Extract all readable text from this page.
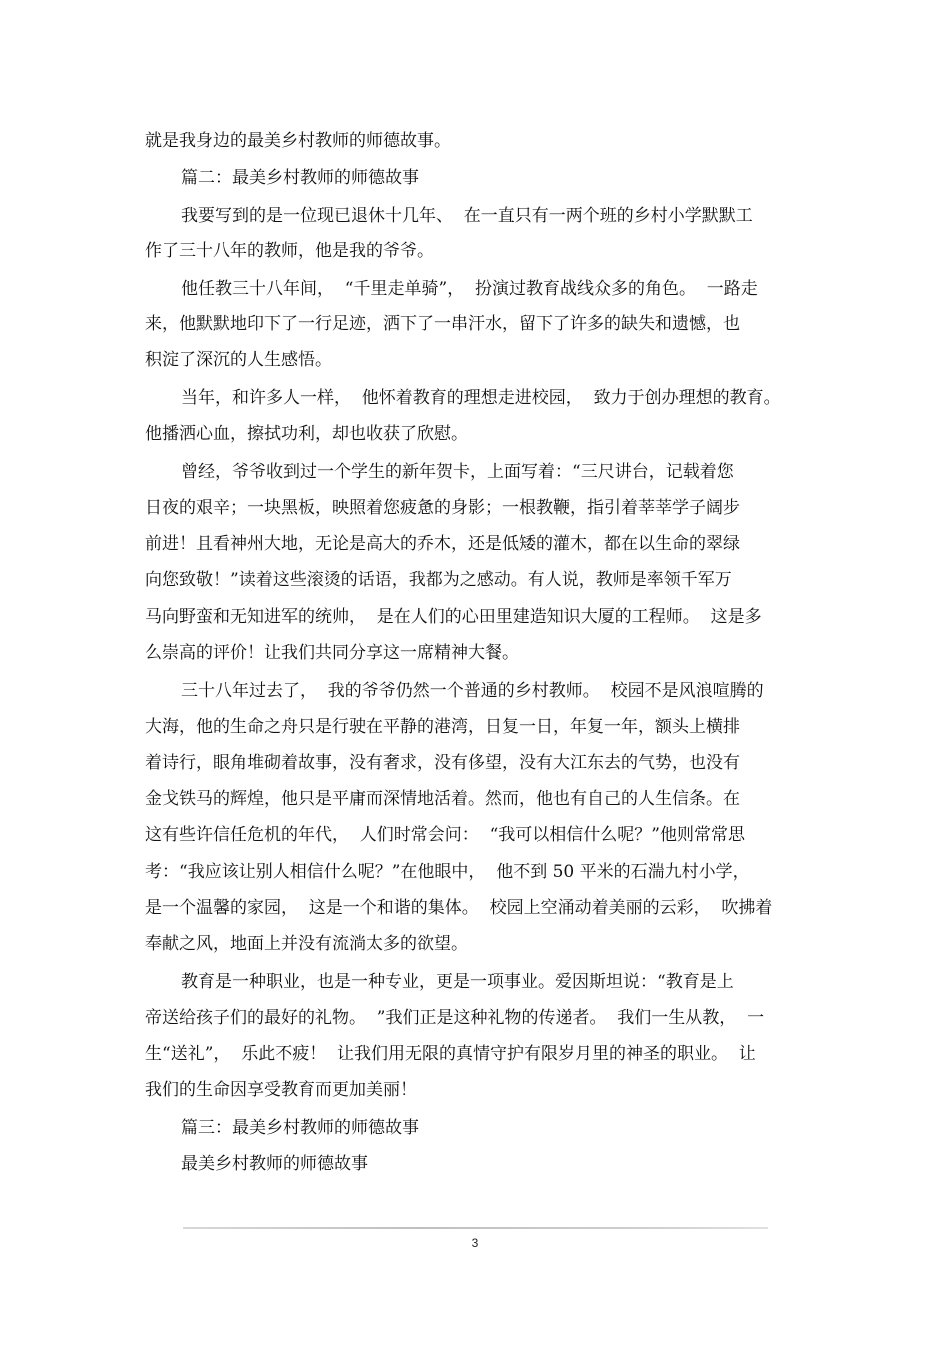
就是我身边的最美乡村教师的师德故事。
篇二：最美乡村教师的师德故事
我要写到的是一位现已退休十几年、  在一直只有一两个班的乡村小学默默工
作了三十八年的教师，他是我的爷爷。
他任教三十八年间，  “千里走单骑”，  扮演过教育战线众多的角色。  一路走
来，他默默地印下了一行足迹，洒下了一串汗水，留下了许多的缺失和遗憾，也
积淀了深沉的人生感悟。
当年，和许多人一样，  他怀着教育的理想走进校园，  致力于创办理想的教育。
他播洒心血，擦拭功利，却也收获了欣慰。
曾经，爷爷收到过一个学生的新年贺卡，上面写着：“三尺讲台，记载着您
日夜的艰辛；一块黑板，映照着您疲惫的身影；一根教鞭，指引着莘莘学子阔步
前进！且看神州大地，无论是高大的乔木，还是低矮的灌木，都在以生命的翠绿
向您致敬！”读着这些滚烫的话语，我都为之感动。有人说，教师是率领千军万
马向野蛮和无知进军的统帅，  是在人们的心田里建造知识大厦的工程师。  这是多
么崇高的评价！让我们共同分享这一席精神大餐。
三十八年过去了，  我的爷爷仍然一个普通的乡村教师。  校园不是风浪喧腾的
大海，他的生命之舟只是行驶在平静的港湾，日复一日，年复一年，额头上横排
着诗行，眼角堆砌着故事，没有奢求，没有侈望，没有大江东去的气势，也没有
金戈铁马的辉煌，他只是平庸而深情地活着。然而，他也有自己的人生信条。在
这有些许信任危机的年代，  人们时常会问：  “我可以相信什么呢？”他则常常思
考：“我应该让别人相信什么呢？”在他眼中，  他不到 50 平米的石湍九村小学，
是一个温馨的家园，  这是一个和谐的集体。  校园上空涌动着美丽的云彩，  吹拂着
奉献之风，地面上并没有流淌太多的欲望。
教育是一种职业，也是一种专业，更是一项事业。爱因斯坦说：“教育是上
帝送给孩子们的最好的礼物。  ”我们正是这种礼物的传递者。  我们一生从教，  一
生“送礼”，  乐此不疲！  让我们用无限的真情守护有限岁月里的神圣的职业。  让
我们的生命因享受教育而更加美丽！
篇三：最美乡村教师的师德故事
最美乡村教师的师德故事
3
